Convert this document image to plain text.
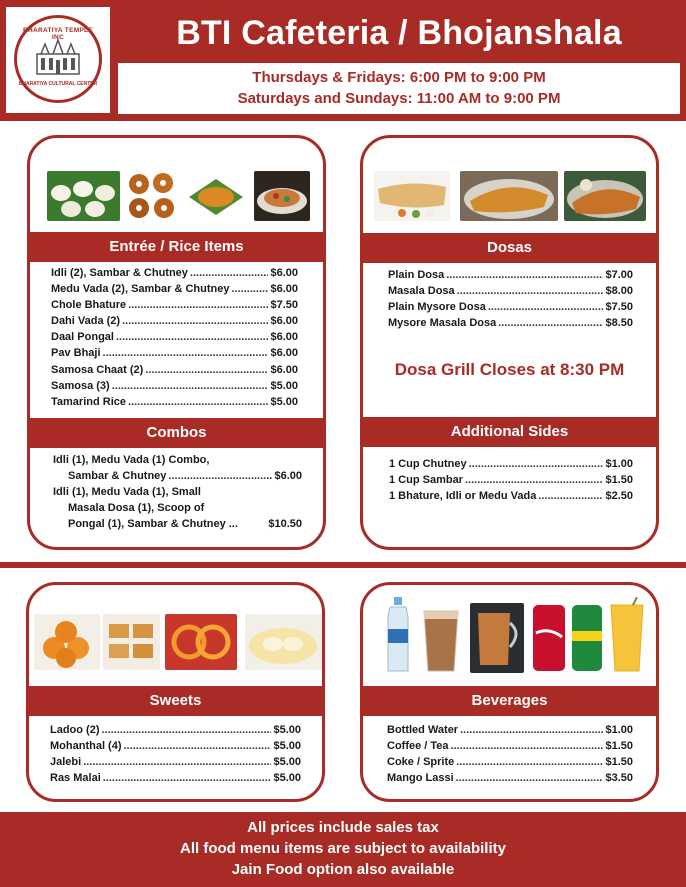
BHARATIYA TEMPLE INC
BHARATIYA CULTURAL CENTER
BTI Cafeteria / Bhojanshala
Thursdays & Fridays: 6:00 PM to 9:00 PM
Saturdays and Sundays: 11:00 AM to 9:00 PM
Entrée / Rice Items
Idli (2), Sambar & Chutney .....	$6.00
Medu Vada (2), Sambar & Chutney .....	$6.00
Chole Bhature .....	$7.50
Dahi Vada (2) .....	$6.00
Daal Pongal .....	$6.00
Pav Bhaji .....	$6.00
Samosa Chaat (2) .....	$6.00
Samosa (3) .....	$5.00
Tamarind Rice .....	$5.00
Combos
Idli (1), Medu Vada (1) Combo,
Sambar & Chutney .....	$6.00
Idli (1), Medu Vada (1), Small
Masala Dosa (1), Scoop of
Pongal (1), Sambar & Chutney ...	$10.50
Dosas
Plain Dosa .....	$7.00
Masala Dosa .....	$8.00
Plain Mysore Dosa .....	$7.50
Mysore Masala Dosa .....	$8.50
Dosa Grill Closes at 8:30 PM
Additional Sides
1 Cup Chutney .....	$1.00
1 Cup Sambar .....	$1.50
1 Bhature, Idli or Medu Vada .....	$2.50
Sweets
Ladoo (2) .....	$5.00
Mohanthal (4) .....	$5.00
Jalebi .....	$5.00
Ras Malai .....	$5.00
Beverages
Bottled Water .....	$1.00
Coffee / Tea .....	$1.50
Coke / Sprite .....	$1.50
Mango Lassi .....	$3.50
All prices include sales tax
All food menu items are subject to availability
Jain Food option also available
